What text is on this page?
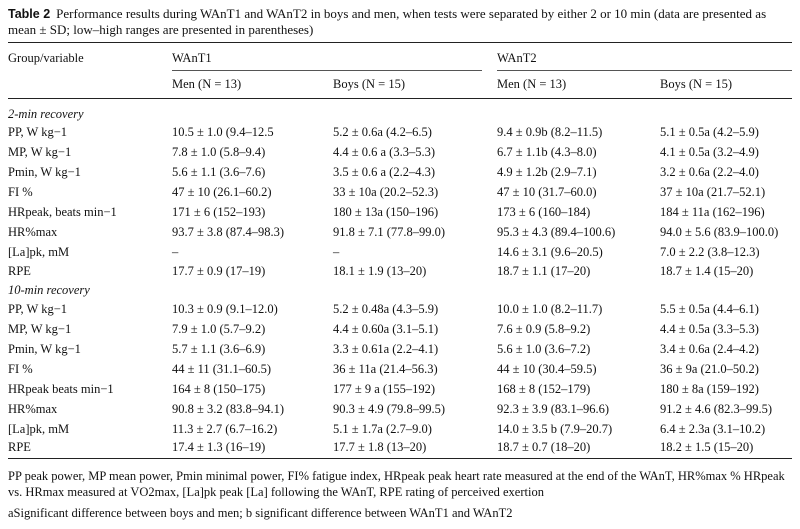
Table 2 Performance results during WAnT1 and WAnT2 in boys and men, when tests were separated by either 2 or 10 min (data are presented as mean ± SD; low–high ranges are presented in parentheses)
Group/variable	WAnT1	WAnT2
Men (N = 13)	Boys (N = 15)	Men (N = 13)	Boys (N = 15)
2-min recovery
PP, W kg−1	10.5 ± 1.0 (9.4–12.5	5.2 ± 0.6a (4.2–6.5)	9.4 ± 0.9b (8.2–11.5)	5.1 ± 0.5a (4.2–5.9)
MP, W kg−1	7.8 ± 1.0 (5.8–9.4)	4.4 ± 0.6 a (3.3–5.3)	6.7 ± 1.1b (4.3–8.0)	4.1 ± 0.5a (3.2–4.9)
Pmin, W kg−1	5.6 ± 1.1 (3.6–7.6)	3.5 ± 0.6 a (2.2–4.3)	4.9 ± 1.2b (2.9–7.1)	3.2 ± 0.6a (2.2–4.0)
FI %	47 ± 10 (26.1–60.2)	33 ± 10a (20.2–52.3)	47 ± 10 (31.7–60.0)	37 ± 10a (21.7–52.1)
HRpeak, beats min−1	171 ± 6 (152–193)	180 ± 13a (150–196)	173 ± 6 (160–184)	184 ± 11a (162–196)
HR%max	93.7 ± 3.8 (87.4–98.3)	91.8 ± 7.1 (77.8–99.0)	95.3 ± 4.3 (89.4–100.6)	94.0 ± 5.6 (83.9–100.0)
[La]pk, mM	–	–	14.6 ± 3.1 (9.6–20.5)	7.0 ± 2.2 (3.8–12.3)
RPE	17.7 ± 0.9 (17–19)	18.1 ± 1.9 (13–20)	18.7 ± 1.1 (17–20)	18.7 ± 1.4 (15–20)
10-min recovery
PP, W kg−1	10.3 ± 0.9 (9.1–12.0)	5.2 ± 0.48a (4.3–5.9)	10.0 ± 1.0 (8.2–11.7)	5.5 ± 0.5a (4.4–6.1)
MP, W kg−1	7.9 ± 1.0 (5.7–9.2)	4.4 ± 0.60a (3.1–5.1)	7.6 ± 0.9 (5.8–9.2)	4.4 ± 0.5a (3.3–5.3)
Pmin, W kg−1	5.7 ± 1.1 (3.6–6.9)	3.3 ± 0.61a (2.2–4.1)	5.6 ± 1.0 (3.6–7.2)	3.4 ± 0.6a (2.4–4.2)
FI %	44 ± 11 (31.1–60.5)	36 ± 11a (21.4–56.3)	44 ± 10 (30.4–59.5)	36 ± 9a (21.0–50.2)
HRpeak beats min−1	164 ± 8 (150–175)	177 ± 9 a (155–192)	168 ± 8 (152–179)	180 ± 8a (159–192)
HR%max	90.8 ± 3.2 (83.8–94.1)	90.3 ± 4.9 (79.8–99.5)	92.3 ± 3.9 (83.1–96.6)	91.2 ± 4.6 (82.3–99.5)
[La]pk, mM	11.3 ± 2.7 (6.7–16.2)	5.1 ± 1.7a (2.7–9.0)	14.0 ± 3.5 b (7.9–20.7)	6.4 ± 2.3a (3.1–10.2)
RPE	17.4 ± 1.3 (16–19)	17.7 ± 1.8 (13–20)	18.7 ± 0.7 (18–20)	18.2 ± 1.5 (15–20)
PP peak power, MP mean power, Pmin minimal power, FI% fatigue index, HRpeak peak heart rate measured at the end of the WAnT, HR%max % HRpeak vs. HRmax measured at VO2max, [La]pk peak [La] following the WAnT, RPE rating of perceived exertion
aSignificant difference between boys and men; b significant difference between WAnT1 and WAnT2
